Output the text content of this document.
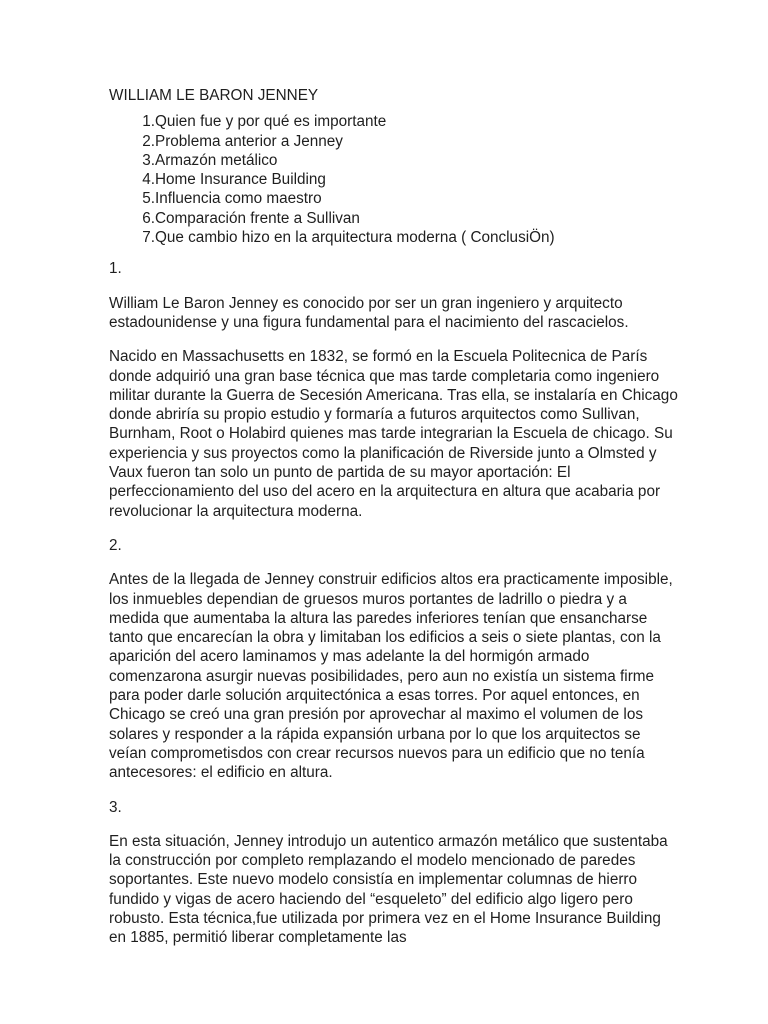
WILLIAM LE BARON JENNEY
1. Quien fue y por qué es importante
2. Problema anterior a Jenney
3. Armazón metálico
4. Home Insurance Building
5. Influencia como maestro
6. Comparación frente a Sullivan
7. Que cambio hizo en la arquitectura moderna ( ConclusiÖn)

1.

William Le Baron Jenney es conocido por ser un gran ingeniero y arquitecto estadounidense y una figura fundamental para el nacimiento del rascacielos.

Nacido en Massachusetts en 1832, se formó en la Escuela Politecnica de París donde adquirió una gran base técnica que mas tarde completaria como ingeniero militar durante la Guerra de Secesión Americana. Tras ella, se instalaría en Chicago donde abriría su propio estudio y formaría a futuros arquitectos como Sullivan, Burnham, Root o Holabird quienes mas tarde integrarian la Escuela de chicago. Su experiencia y sus proyectos como la planificación de Riverside junto a Olmsted y Vaux fueron tan solo un punto de partida de su mayor aportación: El perfeccionamiento del uso del acero en la arquitectura en altura que acabaria por revolucionar la arquitectura moderna.

2.

Antes de la llegada de Jenney construir edificios altos era practicamente imposible, los inmuebles dependian de gruesos muros portantes de ladrillo o piedra y a medida que aumentaba la altura las paredes inferiores tenían que ensancharse tanto que encarecían la obra y limitaban los edificios a seis o siete plantas, con la aparición del acero laminamos y mas adelante la del hormigón armado comenzarona asurgir nuevas posibilidades, pero aun no existía un sistema firme para poder darle solución arquitectónica a esas torres. Por aquel entonces, en Chicago se creó una gran presión por aprovechar al maximo el volumen de los solares y responder a la rápida expansión urbana por lo que los arquitectos se veían comprometisdos con crear recursos nuevos para un edificio que no tenía antecesores: el edificio en altura.

3.

En esta situación, Jenney introdujo un autentico armazón metálico que sustentaba la construcción por completo remplazando el modelo mencionado de paredes soportantes. Este nuevo modelo consistía en implementar columnas de hierro fundido y vigas de acero haciendo del “esqueleto” del edificio algo ligero pero robusto. Esta técnica,fue utilizada por primera vez en el Home Insurance Building en 1885, permitió liberar completamente las
